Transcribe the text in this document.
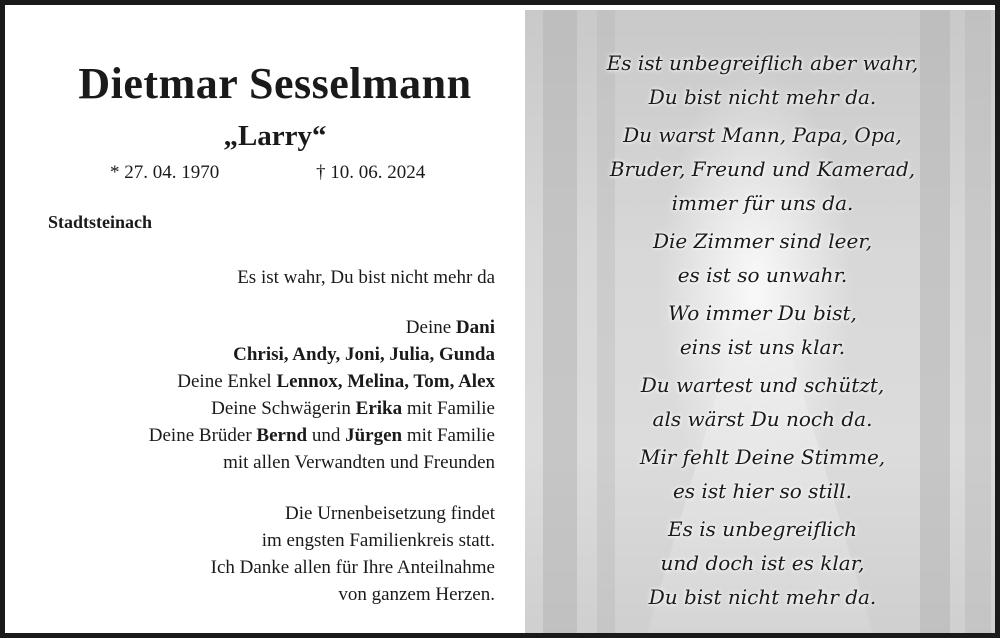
Dietmar Sesselmann
„Larry“
* 27. 04. 1970	† 10. 06. 2024
Stadtsteinach
Es ist wahr, Du bist nicht mehr da
Deine Dani
Chrisi, Andy, Joni, Julia, Gunda
Deine Enkel Lennox, Melina, Tom, Alex
Deine Schwägerin Erika mit Familie
Deine Brüder Bernd und Jürgen mit Familie
mit allen Verwandten und Freunden
Die Urnenbeisetzung findet
im engsten Familienkreis statt.
Ich Danke allen für Ihre Anteilnahme
von ganzem Herzen.
Es ist unbegreiflich aber wahr,
Du bist nicht mehr da.
Du warst Mann, Papa, Opa,
Bruder, Freund und Kamerad,
immer für uns da.
Die Zimmer sind leer,
es ist so unwahr.
Wo immer Du bist,
eins ist uns klar.
Du wartest und schützt,
als wärst Du noch da.
Mir fehlt Deine Stimme,
es ist hier so still.
Es is unbegreiflich
und doch ist es klar,
Du bist nicht mehr da.
